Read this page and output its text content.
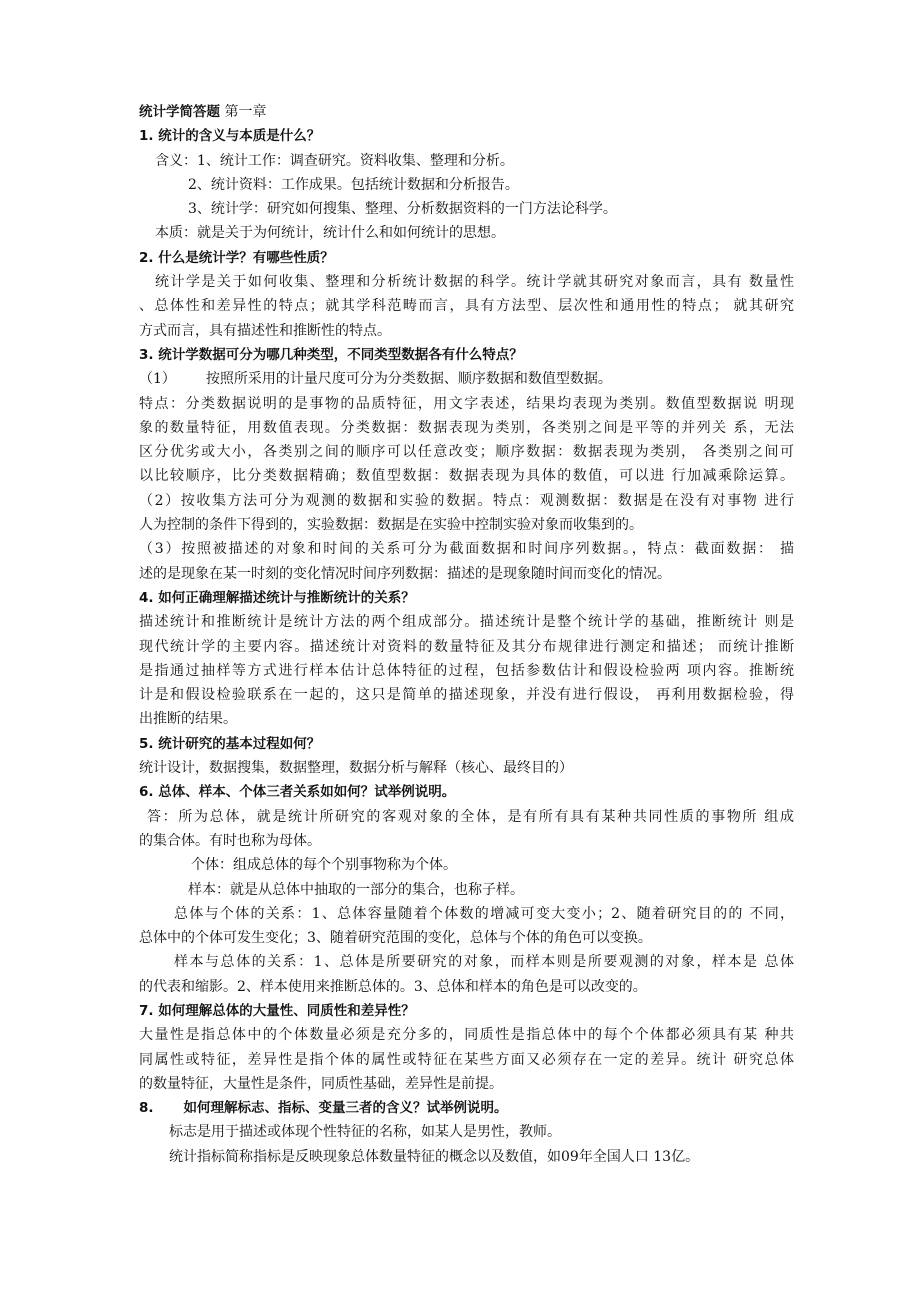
统计学简答题 第一章
1. 统计的含义与本质是什么？
含义：1、统计工作：调查研究。资料收集、整理和分析。
2、统计资料：工作成果。包括统计数据和分析报告。
3、统计学：研究如何搜集、整理、分析数据资料的一门方法论科学。
本质：就是关于为何统计，统计什么和如何统计的思想。
2. 什么是统计学？有哪些性质？
统计学是关于如何收集、整理和分析统计数据的科学。统计学就其研究对象而言，具有 数量性
、总体性和差异性的特点；就其学科范畴而言，具有方法型、层次性和通用性的特点； 就其研究
方式而言，具有描述性和推断性的特点。
3. 统计学数据可分为哪几种类型，不同类型数据各有什么特点？
（1） 按照所采用的计量尺度可分为分类数据、顺序数据和数值型数据。
特点：分类数据说明的是事物的品质特征，用文字表述，结果均表现为类别。数值型数据说 明现
象的数量特征，用数值表现。分类数据：数据表现为类别，各类别之间是平等的并列关 系，无法
区分优劣或大小，各类别之间的顺序可以任意改变；顺序数据：数据表现为类别， 各类别之间可
以比较顺序，比分类数据精确；数值型数据：数据表现为具体的数值，可以进 行加减乘除运算。
（2）按收集方法可分为观测的数据和实验的数据。特点：观测数据：数据是在没有对事物 进行
人为控制的条件下得到的，实验数据：数据是在实验中控制实验对象而收集到的。
（3）按照被描述的对象和时间的关系可分为截面数据和时间序列数据。，特点：截面数据： 描
述的是现象在某一时刻的变化情况时间序列数据：描述的是现象随时间而变化的情况。
4. 如何正确理解描述统计与推断统计的关系？
描述统计和推断统计是统计方法的两个组成部分。描述统计是整个统计学的基础，推断统计 则是
现代统计学的主要内容。描述统计对资料的数量特征及其分布规律进行测定和描述； 而统计推断
是指通过抽样等方式进行样本估计总体特征的过程，包括参数估计和假设检验两 项内容。推断统
计是和假设检验联系在一起的，这只是简单的描述现象，并没有进行假设， 再利用数据检验，得
出推断的结果。
5. 统计研究的基本过程如何？
统计设计，数据搜集，数据整理，数据分析与解释（核心、最终目的）
6. 总体、样本、个体三者关系如如何？试举例说明。
答：所为总体，就是统计所研究的客观对象的全体，是有所有具有某种共同性质的事物所 组成
的集合体。有时也称为母体。
个体：组成总体的每个个别事物称为个体。
样本：就是从总体中抽取的一部分的集合，也称子样。
总体与个体的关系：1、总体容量随着个体数的增减可变大变小；2、随着研究目的的 不同，
总体中的个体可发生变化；3、随着研究范围的变化，总体与个体的角色可以变换。
样本与总体的关系：1、总体是所要研究的对象，而样本则是所要观测的对象，样本是 总体
的代表和缩影。2、样本使用来推断总体的。3、总体和样本的角色是可以改变的。
7. 如何理解总体的大量性、同质性和差异性？
大量性是指总体中的个体数量必须是充分多的，同质性是指总体中的每个个体都必须具有某 种共
同属性或特征，差异性是指个体的属性或特征在某些方面又必须存在一定的差异。统计 研究总体
的数量特征，大量性是条件，同质性基础，差异性是前提。
8. 如何理解标志、指标、变量三者的含义？试举例说明。
标志是用于描述或体现个性特征的名称，如某人是男性，教师。
统计指标简称指标是反映现象总体数量特征的概念以及数值，如09年全国人口 13亿。
